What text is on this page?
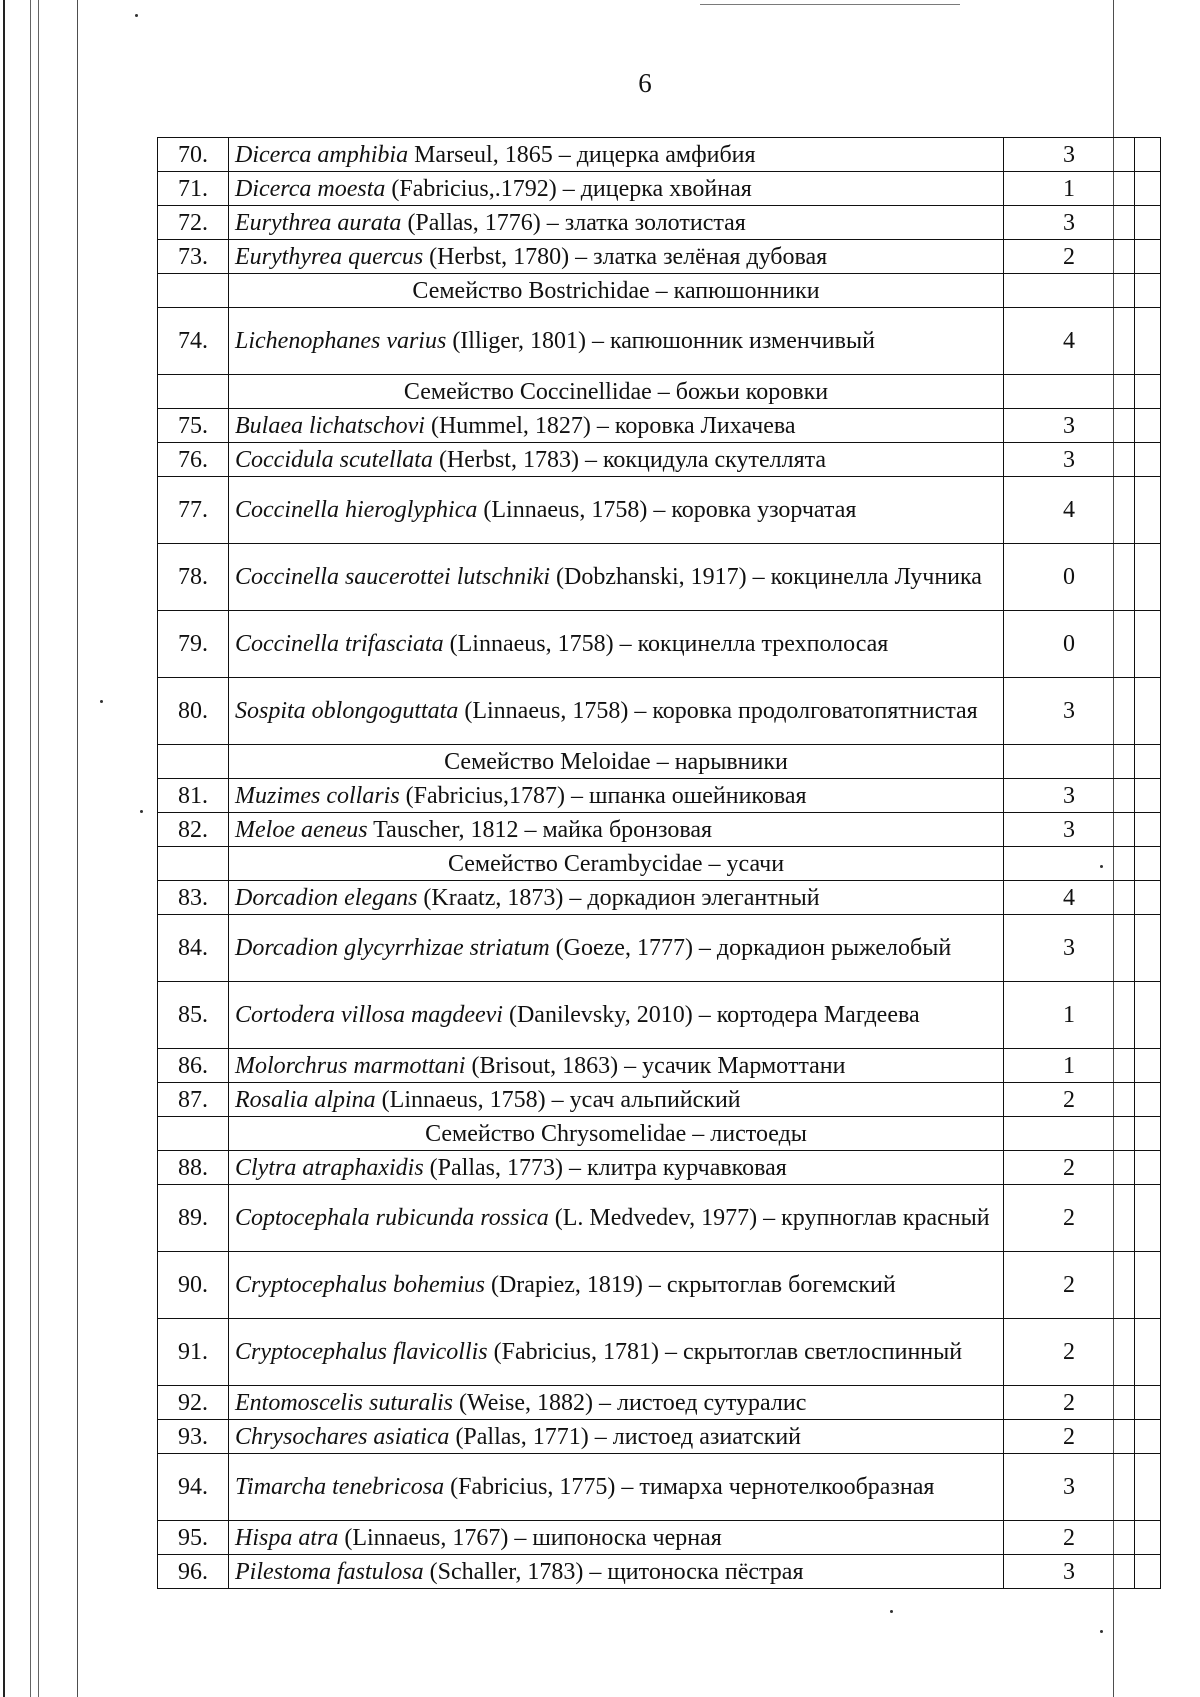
6
70.	Dicerca amphibia Marseul, 1865 – дицерка амфибия	3	
71.	Dicerca moesta (Fabricius,.1792) – дицерка хвойная	1	
72.	Eurythrea aurata (Pallas, 1776) – златка золотистая	3	
73.	Eurythyrea quercus (Herbst, 1780) – златка зелёная дубовая	2	
	Семейство Bostrichidae – капюшонники		
74.	Lichenophanes varius (Illiger, 1801) – капюшонник изменчивый	4	
	Семейство Coccinellidae – божьи коровки		
75.	Bulaea lichatschovi (Hummel, 1827) – коровка Лихачева	3	
76.	Coccidula scutellata (Herbst, 1783) – кокцидула скутеллята	3	
77.	Coccinella hieroglyphica (Linnaeus, 1758) – коровка узорчатая	4	
78.	Coccinella saucerottei lutschniki (Dobzhanski, 1917) – кокцинелла Лучника	0	
79.	Coccinella trifasciata (Linnaeus, 1758) – кокцинелла трехполосая	0	
80.	Sospita oblongoguttata (Linnaeus, 1758) – коровка продолговатопятнистая	3	
	Семейство Meloidae – нарывники		
81.	Muzimes collaris (Fabricius,1787) – шпанка ошейниковая	3	
82.	Meloe aeneus Tauscher, 1812 – майка бронзовая	3	
	Семейство Cerambycidae – усачи		
83.	Dorcadion elegans (Kraatz, 1873) – доркадион элегантный	4	
84.	Dorcadion glycyrrhizae striatum (Goeze, 1777) – доркадион рыжелобый	3	
85.	Cortodera villosa magdeevi (Danilevsky, 2010) – кортодера Магдеева	1	
86.	Molorchrus marmottani (Brisout, 1863) – усачик Мармоттани	1	
87.	Rosalia alpina (Linnaeus, 1758) – усач альпийский	2	
	Семейство Chrysomelidae – листоеды		
88.	Clytra atraphaxidis (Pallas, 1773) – клитра курчавковая	2	
89.	Coptocephala rubicunda rossica (L. Medvedev, 1977) – крупноглав красный	2	
90.	Cryptocephalus bohemius (Drapiez, 1819) – скрытоглав богемский	2	
91.	Cryptocephalus flavicollis (Fabricius, 1781) – скрытоглав светлоспинный	2	
92.	Entomoscelis suturalis (Weise, 1882) – листоед сутуралис	2	
93.	Chrysochares asiatica (Pallas, 1771) – листоед азиатский	2	
94.	Timarcha tenebricosa (Fabricius, 1775) – тимарха чернотелкообразная	3	
95.	Hispa atra (Linnaeus, 1767) – шипоноска черная	2	
96.	Pilestoma fastulosa (Schaller, 1783) – щитоноска пёстрая	3	
